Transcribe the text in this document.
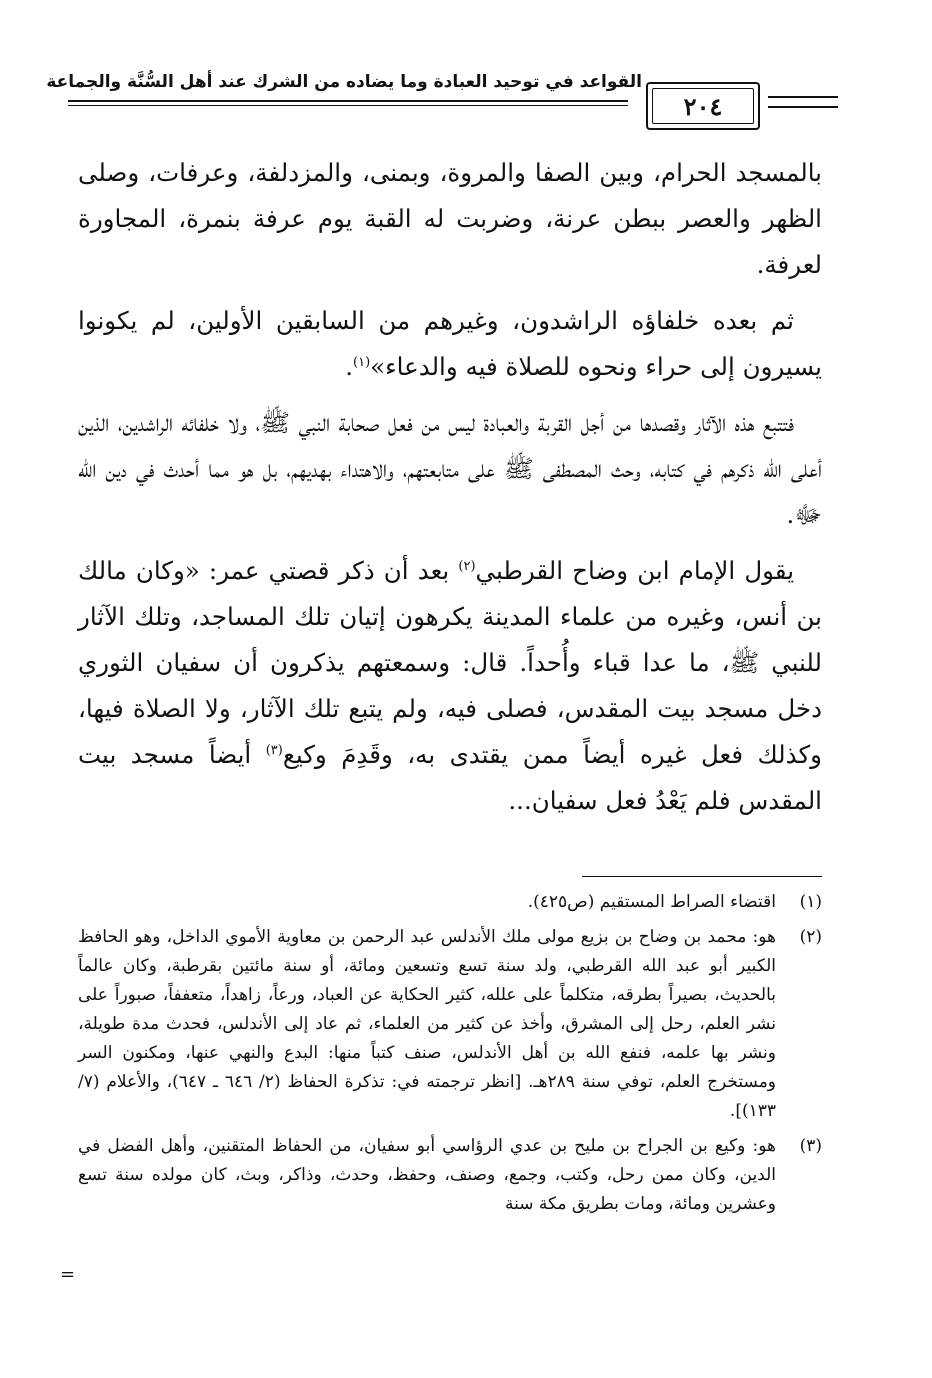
القواعد في توحيد العبادة وما يضاده من الشرك عند أهل السُّنَّة والجماعة
٢٠٤

بالمسجد الحرام، وبين الصفا والمروة، وبمنى، والمزدلفة، وعرفات، وصلى الظهر والعصر ببطن عرنة، وضربت له القبة يوم عرفة بنمرة، المجاورة لعرفة.

ثم بعده خلفاؤه الراشدون، وغيرهم من السابقين الأولين، لم يكونوا يسيرون إلى حراء ونحوه للصلاة فيه والدعاء»$^{(١)}$.

فتتبع هذه الآثار وقصدها من أجل القربة والعبادة ليس من فعل صحابة النبي ﷺ، ولا خلفائه الراشدين، الذين أعلى الله ذكرهم في كتابه، وحث المصطفى ﷺ على متابعتهم، والاهتداء بهديهم، بل هو مما أحدث في دين الله ﷻ.

يقول الإمام ابن وضاح القرطبي$^{(٢)}$ بعد أن ذكر قصتي عمر: «وكان مالك بن أنس، وغيره من علماء المدينة يكرهون إتيان تلك المساجد، وتلك الآثار للنبي ﷺ، ما عدا قباء وأُحداً. قال: وسمعتهم يذكرون أن سفيان الثوري دخل مسجد بيت المقدس، فصلى فيه، ولم يتبع تلك الآثار، ولا الصلاة فيها، وكذلك فعل غيره أيضاً ممن يقتدى به، وقَدِمَ وكيع$^{(٣)}$ أيضاً مسجد بيت المقدس فلم يَعْدُ فعل سفيان...

(١)
اقتضاء الصراط المستقيم (ص٤٢٥).
(٢)
هو: محمد بن وضاح بن بزيع مولى ملك الأندلس عبد الرحمن بن معاوية الأموي الداخل، وهو الحافظ الكبير أبو عبد الله القرطبي، ولد سنة تسع وتسعين ومائة، أو سنة مائتين بقرطبة، وكان عالماً بالحديث، بصيراً بطرقه، متكلماً على علله، كثير الحكاية عن العباد، ورعاً، زاهداً، متعففاً، صبوراً على نشر العلم، رحل إلى المشرق، وأخذ عن كثير من العلماء، ثم عاد إلى الأندلس، فحدث مدة طويلة، ونشر بها علمه، فنفع الله بن أهل الأندلس، صنف كتباً منها: البدع والنهي عنها، ومكنون السر ومستخرج العلم، توفي سنة ٢٨٩هـ. [انظر ترجمته في: تذكرة الحفاظ (٢/ ٦٤٦ ـ ٦٤٧)، والأعلام (٧/ ١٣٣)].
(٣)
هو: وكيع بن الجراح بن مليح بن عدي الرؤاسي أبو سفيان، من الحفاظ المتقنين، وأهل الفضل في الدين، وكان ممن رحل، وكتب، وجمع، وصنف، وحفظ، وحدث، وذاكر، وبث، كان مولده سنة تسع وعشرين ومائة، ومات بطريق مكة سنة
=
